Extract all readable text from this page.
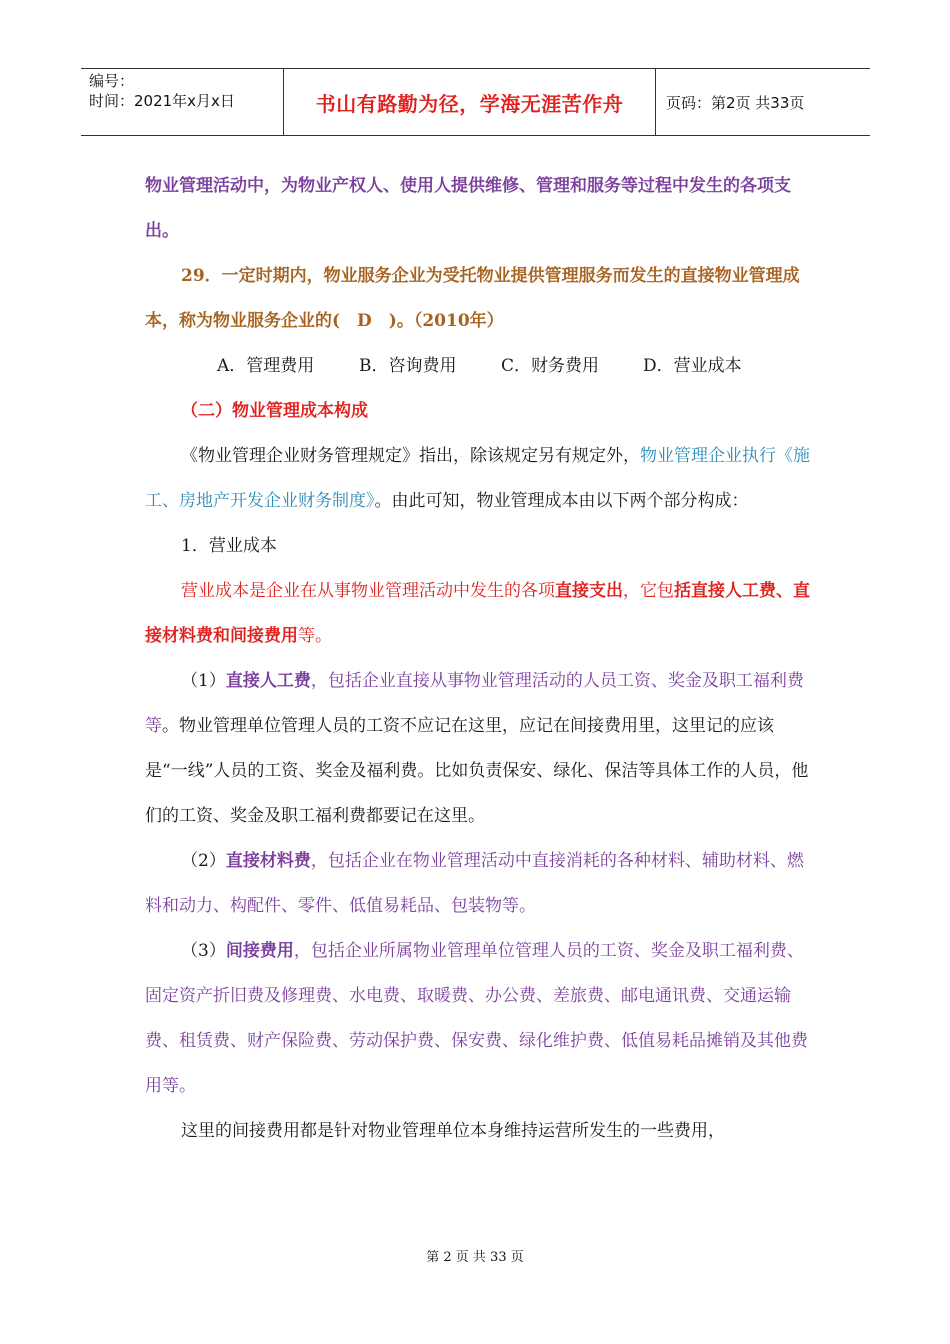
编号：
时间：2021年x月x日	书山有路勤为径，学海无涯苦作舟	页码：第2页 共33页

物业管理活动中，为物业产权人、使用人提供维修、管理和服务等过程中发生的各项支出。

29．一定时期内，物业服务企业为受托物业提供管理服务而发生的直接物业管理成本，称为物业服务企业的(　D　)。（2010年）

A．管理费用	B．咨询费用	C．财务费用	D．营业成本

（二）物业管理成本构成

《物业管理企业财务管理规定》指出，除该规定另有规定外，物业管理企业执行《施工、房地产开发企业财务制度》。由此可知，物业管理成本由以下两个部分构成：

1．营业成本

营业成本是企业在从事物业管理活动中发生的各项直接支出，它包括直接人工费、直接材料费和间接费用等。

（1）直接人工费，包括企业直接从事物业管理活动的人员工资、奖金及职工福利费等。物业管理单位管理人员的工资不应记在这里，应记在间接费用里，这里记的应该是“一线”人员的工资、奖金及福利费。比如负责保安、绿化、保洁等具体工作的人员，他们的工资、奖金及职工福利费都要记在这里。

（2）直接材料费，包括企业在物业管理活动中直接消耗的各种材料、辅助材料、燃料和动力、构配件、零件、低值易耗品、包装物等。

（3）间接费用，包括企业所属物业管理单位管理人员的工资、奖金及职工福利费、固定资产折旧费及修理费、水电费、取暖费、办公费、差旅费、邮电通讯费、交通运输费、租赁费、财产保险费、劳动保护费、保安费、绿化维护费、低值易耗品摊销及其他费用等。

这里的间接费用都是针对物业管理单位本身维持运营所发生的一些费用，

第 2 页 共 33 页
